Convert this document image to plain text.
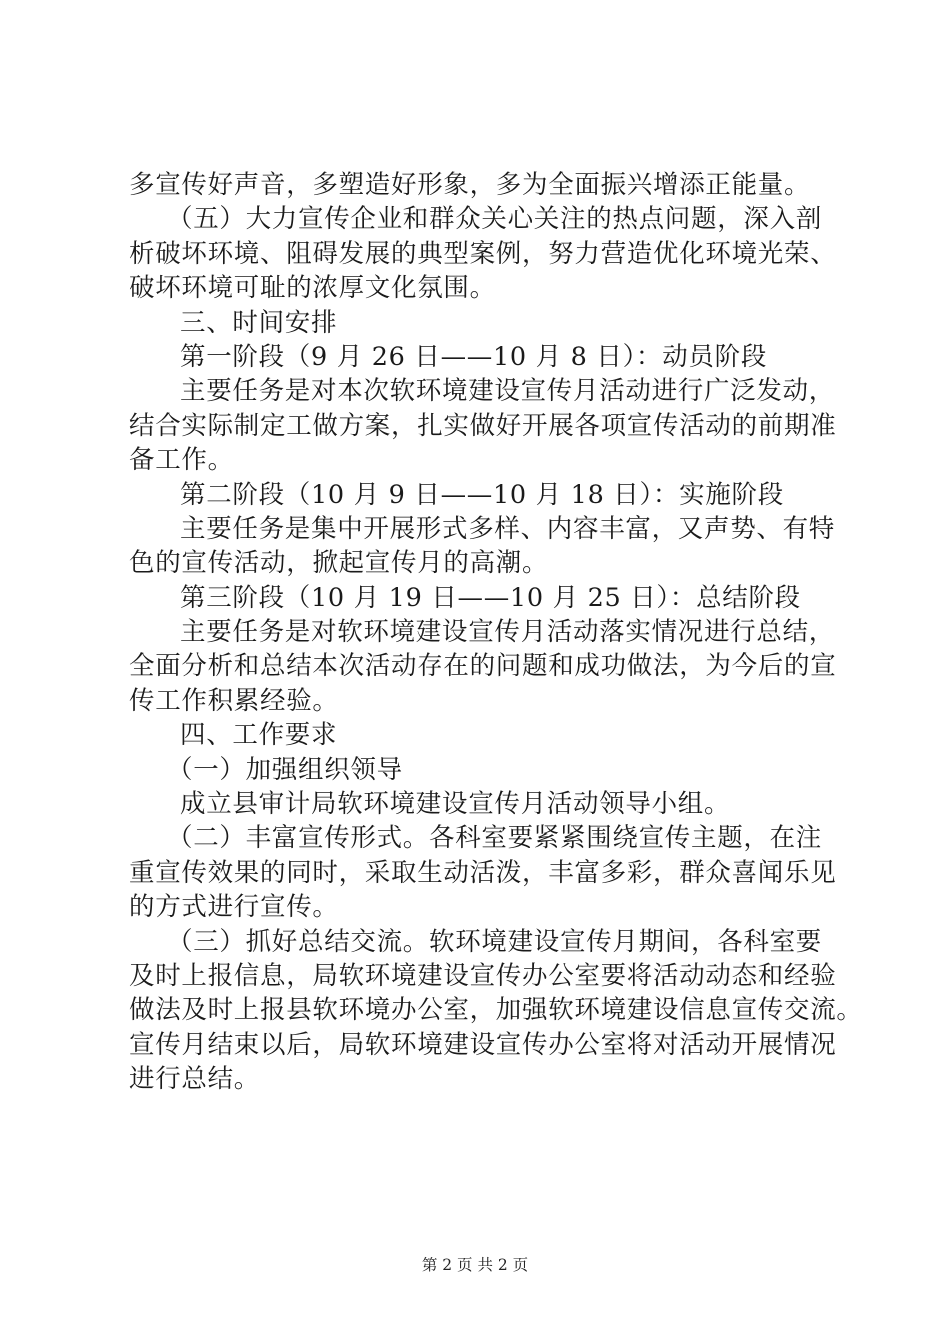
多宣传好声音，多塑造好形象，多为全面振兴增添正能量。
（五）大力宣传企业和群众关心关注的热点问题，深入剖
析破坏环境、阻碍发展的典型案例，努力营造优化环境光荣、
破坏环境可耻的浓厚文化氛围。
三、时间安排
第一阶段（9 月 26 日——10 月 8 日）：动员阶段
主要任务是对本次软环境建设宣传月活动进行广泛发动，
结合实际制定工做方案，扎实做好开展各项宣传活动的前期准
备工作。
第二阶段（10 月 9 日——10 月 18 日）：实施阶段
主要任务是集中开展形式多样、内容丰富，又声势、有特
色的宣传活动，掀起宣传月的高潮。
第三阶段（10 月 19 日——10 月 25 日）：总结阶段
主要任务是对软环境建设宣传月活动落实情况进行总结，
全面分析和总结本次活动存在的问题和成功做法，为今后的宣
传工作积累经验。
四、工作要求
（一）加强组织领导
成立县审计局软环境建设宣传月活动领导小组。
（二）丰富宣传形式。各科室要紧紧围绕宣传主题，在注
重宣传效果的同时，采取生动活泼，丰富多彩，群众喜闻乐见
的方式进行宣传。
（三）抓好总结交流。软环境建设宣传月期间，各科室要
及时上报信息，局软环境建设宣传办公室要将活动动态和经验
做法及时上报县软环境办公室，加强软环境建设信息宣传交流。
宣传月结束以后，局软环境建设宣传办公室将对活动开展情况
进行总结。
第 2 页 共 2 页
